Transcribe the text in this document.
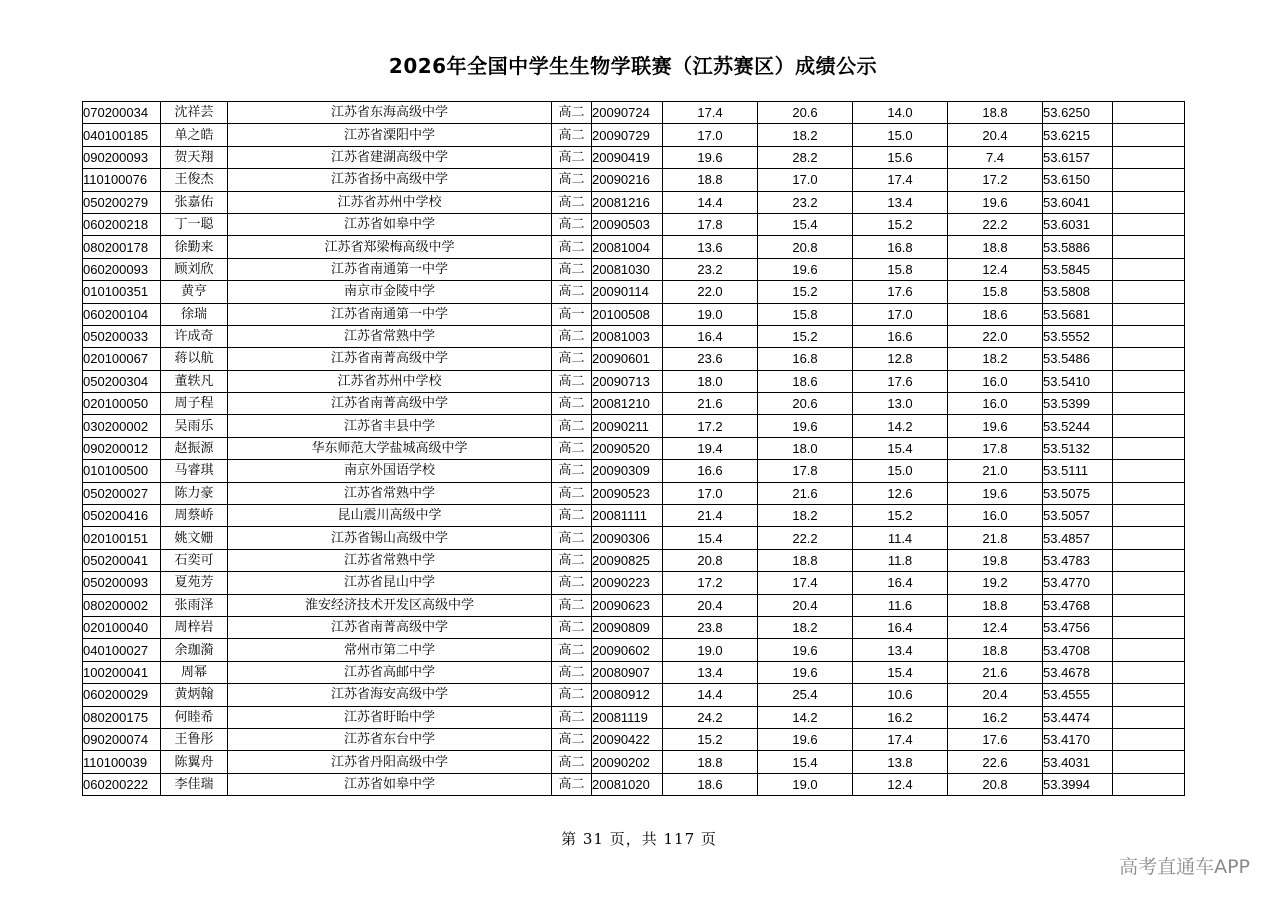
2026年全国中学生生物学联赛（江苏赛区）成绩公示
070200034	沈祥芸	江苏省东海高级中学	高二	20090724	17.4	20.6	14.0	18.8	53.6250	
040100185	单之皓	江苏省溧阳中学	高二	20090729	17.0	18.2	15.0	20.4	53.6215	
090200093	贺天翔	江苏省建湖高级中学	高二	20090419	19.6	28.2	15.6	7.4	53.6157	
110100076	王俊杰	江苏省扬中高级中学	高二	20090216	18.8	17.0	17.4	17.2	53.6150	
050200279	张嘉佑	江苏省苏州中学校	高二	20081216	14.4	23.2	13.4	19.6	53.6041	
060200218	丁一聪	江苏省如皋中学	高二	20090503	17.8	15.4	15.2	22.2	53.6031	
080200178	徐勤来	江苏省郑梁梅高级中学	高二	20081004	13.6	20.8	16.8	18.8	53.5886	
060200093	顾刘欣	江苏省南通第一中学	高二	20081030	23.2	19.6	15.8	12.4	53.5845	
010100351	黄亨	南京市金陵中学	高二	20090114	22.0	15.2	17.6	15.8	53.5808	
060200104	徐瑞	江苏省南通第一中学	高一	20100508	19.0	15.8	17.0	18.6	53.5681	
050200033	许成奇	江苏省常熟中学	高二	20081003	16.4	15.2	16.6	22.0	53.5552	
020100067	蒋以航	江苏省南菁高级中学	高二	20090601	23.6	16.8	12.8	18.2	53.5486	
050200304	董轶凡	江苏省苏州中学校	高二	20090713	18.0	18.6	17.6	16.0	53.5410	
020100050	周子程	江苏省南菁高级中学	高二	20081210	21.6	20.6	13.0	16.0	53.5399	
030200002	吴雨乐	江苏省丰县中学	高二	20090211	17.2	19.6	14.2	19.6	53.5244	
090200012	赵振源	华东师范大学盐城高级中学	高二	20090520	19.4	18.0	15.4	17.8	53.5132	
010100500	马睿琪	南京外国语学校	高二	20090309	16.6	17.8	15.0	21.0	53.5111	
050200027	陈力豪	江苏省常熟中学	高二	20090523	17.0	21.6	12.6	19.6	53.5075	
050200416	周蔡峤	昆山震川高级中学	高二	20081111	21.4	18.2	15.2	16.0	53.5057	
020100151	姚文姗	江苏省锡山高级中学	高二	20090306	15.4	22.2	11.4	21.8	53.4857	
050200041	石奕可	江苏省常熟中学	高二	20090825	20.8	18.8	11.8	19.8	53.4783	
050200093	夏苑芳	江苏省昆山中学	高二	20090223	17.2	17.4	16.4	19.2	53.4770	
080200002	张雨泽	淮安经济技术开发区高级中学	高二	20090623	20.4	20.4	11.6	18.8	53.4768	
020100040	周梓岩	江苏省南菁高级中学	高二	20090809	23.8	18.2	16.4	12.4	53.4756	
040100027	余珈漪	常州市第二中学	高二	20090602	19.0	19.6	13.4	18.8	53.4708	
100200041	周幂	江苏省高邮中学	高二	20080907	13.4	19.6	15.4	21.6	53.4678	
060200029	黄炳翰	江苏省海安高级中学	高二	20080912	14.4	25.4	10.6	20.4	53.4555	
080200175	何睦希	江苏省盱眙中学	高二	20081119	24.2	14.2	16.2	16.2	53.4474	
090200074	王鲁彤	江苏省东台中学	高二	20090422	15.2	19.6	17.4	17.6	53.4170	
110100039	陈翼舟	江苏省丹阳高级中学	高二	20090202	18.8	15.4	13.8	22.6	53.4031	
060200222	李佳瑞	江苏省如皋中学	高二	20081020	18.6	19.0	12.4	20.8	53.3994	
第 31 页，共 117 页
高考直通车APP
